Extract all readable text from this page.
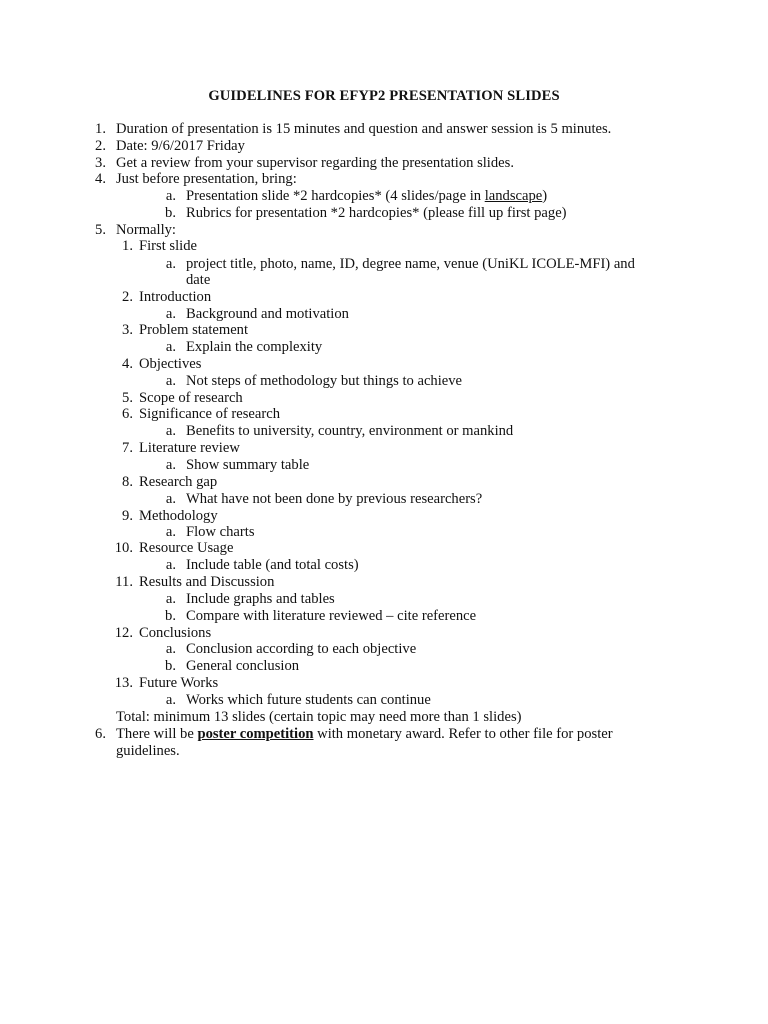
GUIDELINES FOR EFYP2 PRESENTATION SLIDES
1. Duration of presentation is 15 minutes and question and answer session is 5 minutes.
2. Date: 9/6/2017 Friday
3. Get a review from your supervisor regarding the presentation slides.
4. Just before presentation, bring:
a. Presentation slide *2 hardcopies* (4 slides/page in landscape)
b. Rubrics for presentation *2 hardcopies* (please fill up first page)
5. Normally:
1. First slide
a. project title, photo, name, ID, degree name, venue (UniKL ICOLE-MFI) and
date
2. Introduction
a. Background and motivation
3. Problem statement
a. Explain the complexity
4. Objectives
a. Not steps of methodology but things to achieve
5. Scope of research
6. Significance of research
a. Benefits to university, country, environment or mankind
7. Literature review
a. Show summary table
8. Research gap
a. What have not been done by previous researchers?
9. Methodology
a. Flow charts
10. Resource Usage
a. Include table (and total costs)
11. Results and Discussion
a. Include graphs and tables
b. Compare with literature reviewed – cite reference
12. Conclusions
a. Conclusion according to each objective
b. General conclusion
13. Future Works
a. Works which future students can continue
Total: minimum 13 slides (certain topic may need more than 1 slides)
6. There will be poster competition with monetary award. Refer to other file for poster
guidelines.
